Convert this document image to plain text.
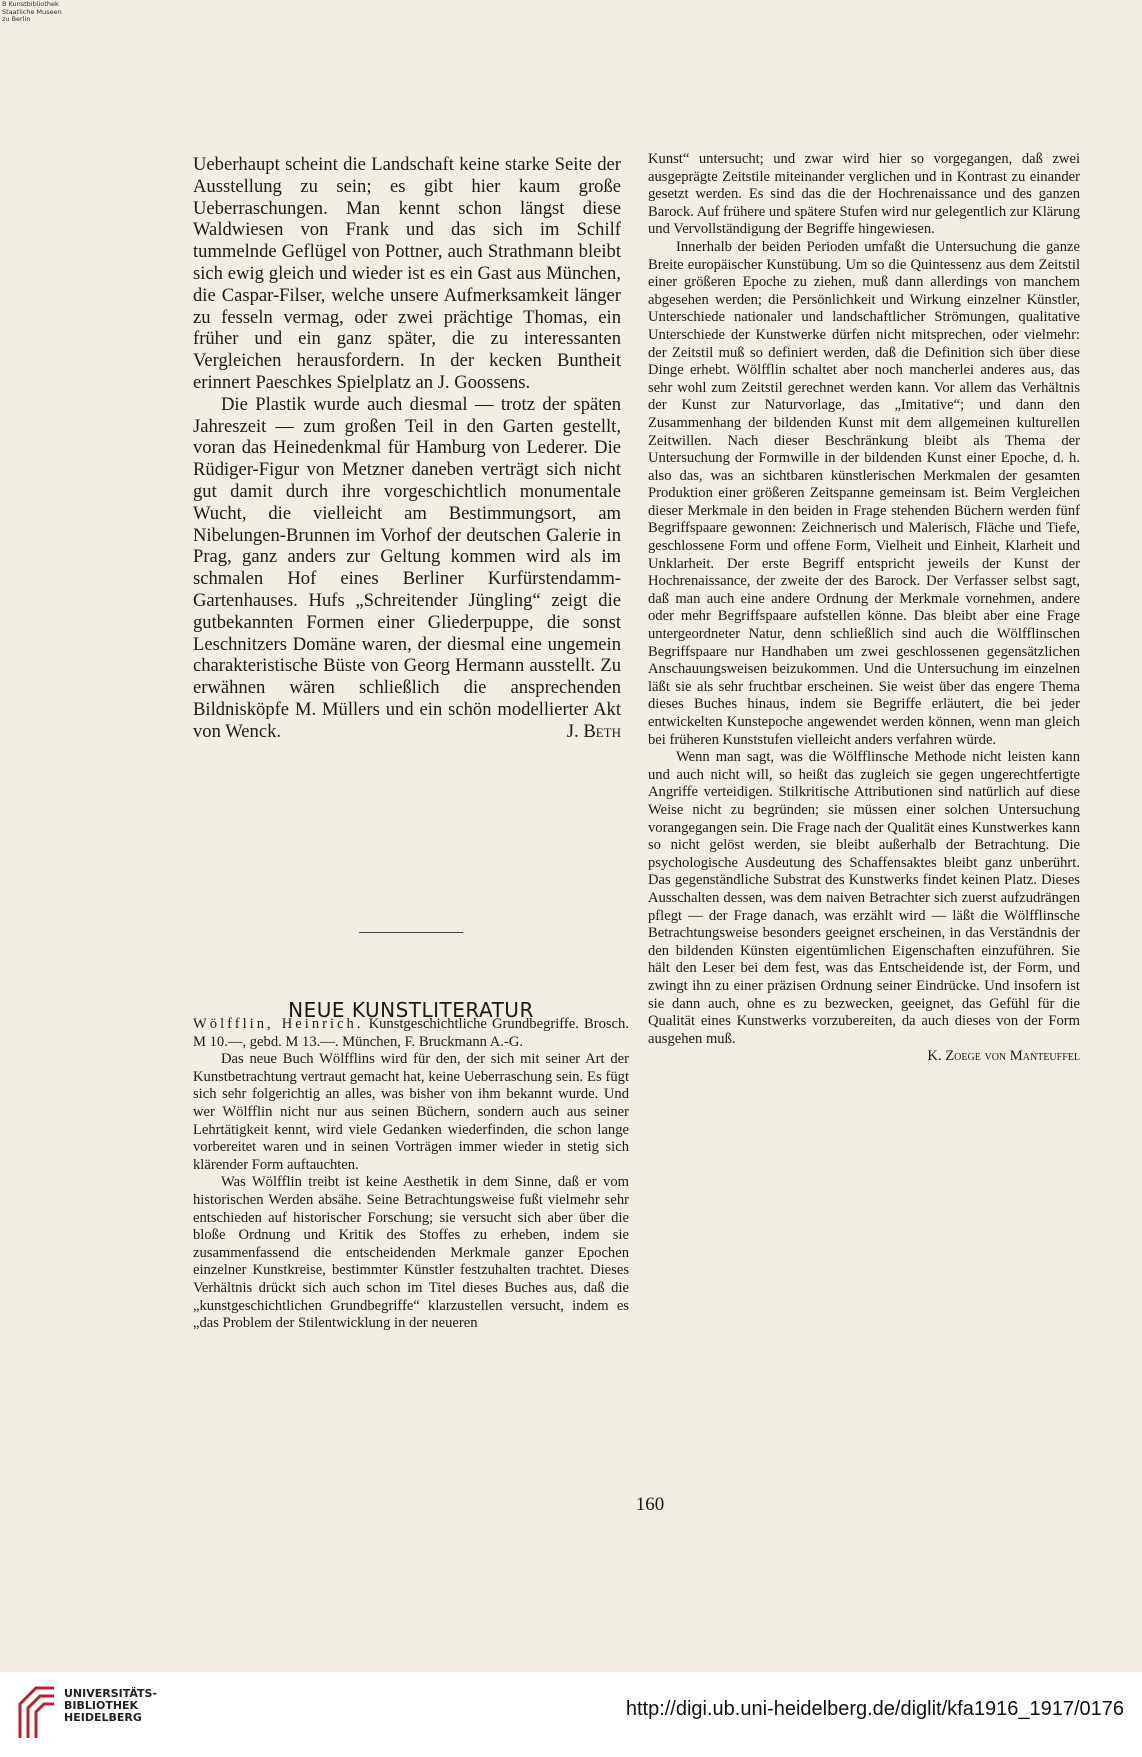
B Kunstbibliothek
Staatliche Museen
zu Berlin

Ueberhaupt scheint die Landschaft keine starke Seite der Ausstellung zu sein; es gibt hier kaum große Ueberraschungen. Man kennt schon längst diese Waldwiesen von Frank und das sich im Schilf tummelnde Geflügel von Pottner, auch Strathmann bleibt sich ewig gleich und wieder ist es ein Gast aus München, die Caspar-Filser, welche unsere Aufmerksamkeit länger zu fesseln vermag, oder zwei prächtige Thomas, ein früher und ein ganz später, die zu interessanten Vergleichen herausfordern. In der kecken Buntheit erinnert Paeschkes Spielplatz an J. Goossens.

Die Plastik wurde auch diesmal — trotz der späten Jahreszeit — zum großen Teil in den Garten gestellt, voran das Heinedenkmal für Hamburg von Lederer. Die Rüdiger-Figur von Metzner daneben verträgt sich nicht gut damit durch ihre vorgeschichtlich monumentale Wucht, die vielleicht am Bestimmungsort, am Nibelungen-Brunnen im Vorhof der deutschen Galerie in Prag, ganz anders zur Geltung kommen wird als im schmalen Hof eines Berliner Kurfürstendamm-Gartenhauses. Hufs „Schreitender Jüngling“ zeigt die gutbekannten Formen einer Gliederpuppe, die sonst Leschnitzers Domäne waren, der diesmal eine ungemein charakteristische Büste von Georg Hermann ausstellt. Zu erwähnen wären schließlich die ansprechenden Bildnisköpfe M. Müllers und ein schön modellierter Akt von Wenck.	J. Beth

NEUE KUNSTLITERATUR

Wölfflin, Heinrich. Kunstgeschichtliche Grundbegriffe. Brosch. M 10.—, gebd. M 13.—. München, F. Bruckmann A.-G.

Das neue Buch Wölfflins wird für den, der sich mit seiner Art der Kunstbetrachtung vertraut gemacht hat, keine Ueberraschung sein. Es fügt sich sehr folgerichtig an alles, was bisher von ihm bekannt wurde. Und wer Wölfflin nicht nur aus seinen Büchern, sondern auch aus seiner Lehrtätigkeit kennt, wird viele Gedanken wiederfinden, die schon lange vorbereitet waren und in seinen Vorträgen immer wieder in stetig sich klärender Form auftauchten.

Was Wölfflin treibt ist keine Aesthetik in dem Sinne, daß er vom historischen Werden absähe. Seine Betrachtungsweise fußt vielmehr sehr entschieden auf historischer Forschung; sie versucht sich aber über die bloße Ordnung und Kritik des Stoffes zu erheben, indem sie zusammenfassend die entscheidenden Merkmale ganzer Epochen einzelner Kunstkreise, bestimmter Künstler festzuhalten trachtet. Dieses Verhältnis drückt sich auch schon im Titel dieses Buches aus, daß die „kunstgeschichtlichen Grundbegriffe“ klarzustellen versucht, indem es „das Problem der Stilentwicklung in der neueren

Kunst“ untersucht; und zwar wird hier so vorgegangen, daß zwei ausgeprägte Zeitstile miteinander verglichen und in Kontrast zu einander gesetzt werden. Es sind das die der Hochrenaissance und des ganzen Barock. Auf frühere und spätere Stufen wird nur gelegentlich zur Klärung und Vervollständigung der Begriffe hingewiesen.

Innerhalb der beiden Perioden umfaßt die Untersuchung die ganze Breite europäischer Kunstübung. Um so die Quintessenz aus dem Zeitstil einer größeren Epoche zu ziehen, muß dann allerdings von manchem abgesehen werden; die Persönlichkeit und Wirkung einzelner Künstler, Unterschiede nationaler und landschaftlicher Strömungen, qualitative Unterschiede der Kunstwerke dürfen nicht mitsprechen, oder vielmehr: der Zeitstil muß so definiert werden, daß die Definition sich über diese Dinge erhebt. Wölfflin schaltet aber noch mancherlei anderes aus, das sehr wohl zum Zeitstil gerechnet werden kann. Vor allem das Verhältnis der Kunst zur Naturvorlage, das „Imitative“; und dann den Zusammenhang der bildenden Kunst mit dem allgemeinen kulturellen Zeitwillen. Nach dieser Beschränkung bleibt als Thema der Untersuchung der Formwille in der bildenden Kunst einer Epoche, d. h. also das, was an sichtbaren künstlerischen Merkmalen der gesamten Produktion einer größeren Zeitspanne gemeinsam ist. Beim Vergleichen dieser Merkmale in den beiden in Frage stehenden Büchern werden fünf Begriffspaare gewonnen: Zeichnerisch und Malerisch, Fläche und Tiefe, geschlossene Form und offene Form, Vielheit und Einheit, Klarheit und Unklarheit. Der erste Begriff entspricht jeweils der Kunst der Hochrenaissance, der zweite der des Barock. Der Verfasser selbst sagt, daß man auch eine andere Ordnung der Merkmale vornehmen, andere oder mehr Begriffspaare aufstellen könne. Das bleibt aber eine Frage untergeordneter Natur, denn schließlich sind auch die Wölfflinschen Begriffspaare nur Handhaben um zwei geschlossenen gegensätzlichen Anschauungsweisen beizukommen. Und die Untersuchung im einzelnen läßt sie als sehr fruchtbar erscheinen. Sie weist über das engere Thema dieses Buches hinaus, indem sie Begriffe erläutert, die bei jeder entwickelten Kunstepoche angewendet werden können, wenn man gleich bei früheren Kunststufen vielleicht anders verfahren würde.

Wenn man sagt, was die Wölfflinsche Methode nicht leisten kann und auch nicht will, so heißt das zugleich sie gegen ungerechtfertigte Angriffe verteidigen. Stilkritische Attributionen sind natürlich auf diese Weise nicht zu begründen; sie müssen einer solchen Untersuchung vorangegangen sein. Die Frage nach der Qualität eines Kunstwerkes kann so nicht gelöst werden, sie bleibt außerhalb der Betrachtung. Die psychologische Ausdeutung des Schaffensaktes bleibt ganz unberührt. Das gegenständliche Substrat des Kunstwerks findet keinen Platz. Dieses Ausschalten dessen, was dem naiven Betrachter sich zuerst aufzudrängen pflegt — der Frage danach, was erzählt wird — läßt die Wölfflinsche Betrachtungsweise besonders geeignet erscheinen, in das Verständnis der den bildenden Künsten eigentümlichen Eigenschaften einzuführen. Sie hält den Leser bei dem fest, was das Entscheidende ist, der Form, und zwingt ihn zu einer präzisen Ordnung seiner Eindrücke. Und insofern ist sie dann auch, ohne es zu bezwecken, geeignet, das Gefühl für die Qualität eines Kunstwerks vorzubereiten, da auch dieses von der Form ausgehen muß.

K. Zoege von Manteuffel
160
UNIVERSITÄTS-
BIBLIOTHEK
HEIDELBERG	http://digi.ub.uni-heidelberg.de/diglit/kfa1916_1917/0176
